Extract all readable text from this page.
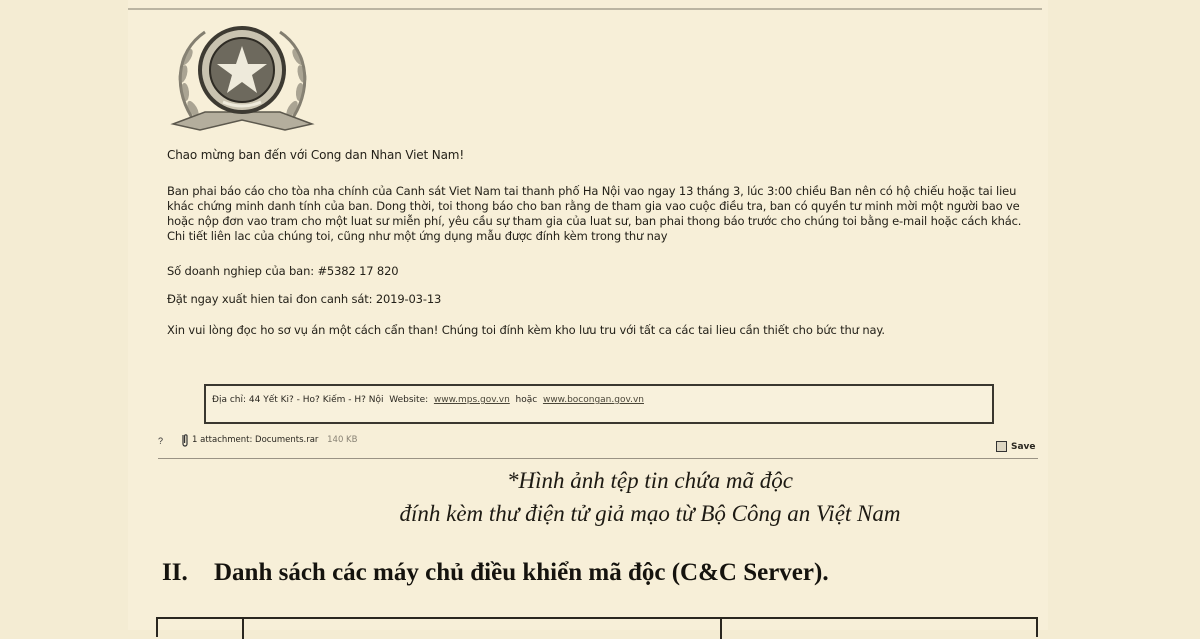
Chao mừng ban đến với Cong dan Nhan Viet Nam!
Ban phai báo cáo cho tòa nha chính của Canh sát Viet Nam tai thanh phố Ha Nội vao ngay 13 tháng 3, lúc 3:00 chiều Ban nên có hộ chiếu hoặc tai lieu khác chứng minh danh tính của ban. Dong thời, toi thong báo cho ban rằng de tham gia vao cuộc điều tra, ban có quyền tư minh mời một người bao ve hoặc nộp đơn vao tram cho một luat sư miễn phí, yêu cầu sự tham gia của luat sư, ban phai thong báo trước cho chúng toi bằng e-mail hoặc cách khác. Chi tiết liên lac của chúng toi, cũng như một ứng dụng mẫu được đính kèm trong thư nay
Số doanh nghiep của ban: #5382 17 820
Đặt ngay xuất hien tai đon canh sát: 2019-03-13
Xin vui lòng đọc ho sơ vụ án một cách cẩn than! Chúng toi đính kèm kho lưu tru với tất ca các tai lieu cần thiết cho bức thư nay.
Địa chỉ: 44 Yết Ki? - Ho? Kiếm - H? Nội Website: www.mps.gov.vn hoặc www.bocongan.gov.vn
?	1 attachment: Documents.rar 140 KB
Save
*Hình ảnh tệp tin chứa mã độc
đính kèm thư điện tử giả mạo từ Bộ Công an Việt Nam
II. Danh sách các máy chủ điều khiển mã độc (C&C Server).
